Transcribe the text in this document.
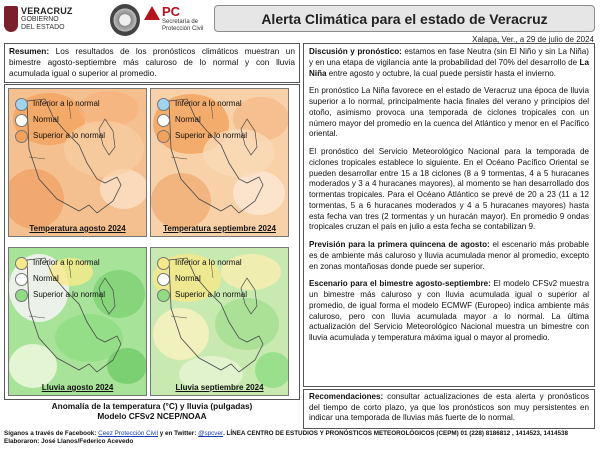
VERACRUZ
GOBIERNO
DEL ESTADO
PC
Secretaría de
Protección Civil
Alerta Climática para el estado de Veracruz
Xalapa, Ver., a 29 de julio de 2024
Resumen: Los resultados de los pronósticos climáticos muestran un bimestre agosto-septiembre más caluroso de lo normal y con lluvia acumulada igual o superior al promedio.
Inferior a lo normal
Normal
Superior a lo normal
Temperatura agosto 2024
Inferior a lo normal
Normal
Superior a lo normal
Temperatura septiembre 2024
Inferior a lo normal
Normal
Superior a lo normal
Lluvia agosto 2024
Inferior a lo normal
Normal
Superior a lo normal
Lluvia septiembre 2024
Anomalía de la temperatura (°C) y lluvia (pulgadas)
Modelo CFSv2 NCEP/NOAA

Discusión y pronóstico: estamos en fase Neutra (sin El Niño y sin La Niña) y en una etapa de vigilancia ante la probabilidad del 70% del desarrollo de La Niña entre agosto y octubre, la cual puede persistir hasta el invierno.

En pronóstico La Niña favorece en el estado de Veracruz una época de lluvia superior a lo normal, principalmente hacia finales del verano y principios del otoño, asimismo provoca una temporada de ciclones tropicales con un número mayor del promedio en la cuenca del Atlántico y menor en el Pacífico oriental.

El pronóstico del Servicio Meteorológico Nacional para la temporada de ciclones tropicales establece lo siguiente. En el Océano Pacífico Oriental se pueden desarrollar entre 15 a 18 ciclones (8 a 9 tormentas, 4 a 5 huracanes moderados y 3 a 4 huracanes mayores), al momento se han desarrollado dos tormentas tropicales. Para el Océano Atlántico se prevé de 20 a 23 (11 a 12 tormentas, 5 a 6 huracanes moderados y 4 a 5 huracanes mayores) hasta esta fecha van tres (2 tormentas y un huracán mayor). En promedio 9 ondas tropicales cruzan el país en julio a esta fecha se contabilizan 9.

Previsión para la primera quincena de agosto: el escenario más probable es de ambiente más caluroso y lluvia acumulada menor al promedio, excepto en zonas montañosas donde puede ser superior.

Escenario para el bimestre agosto-septiembre: El modelo CFSv2 muestra un bimestre más caluroso y con lluvia acumulada igual o superior al promedio, de igual forma el modelo ECMWF (Europeo) indica ambiente más caluroso, pero con lluvia acumulada mayor a lo normal. La última actualización del Servicio Meteorológico Nacional muestra un bimestre con lluvia acumulada y temperatura máxima igual o mayor al promedio.

Recomendaciones: consultar actualizaciones de esta alerta y pronósticos del tiempo de corto plazo, ya que los pronósticos son muy persistentes en indicar una temporada de lluvias más fuerte de lo normal.
Síganos a través de Facebook: Ceez Protección Civil y en Twitter: @spcver. LÍNEA CENTRO DE ESTUDIOS Y PRONÓSTICOS METEOROLÓGICOS (CEPM) 01 (228) 8186812 , 1414523, 1414538
Elaboraron: José Llanos/Federico Acevedo
